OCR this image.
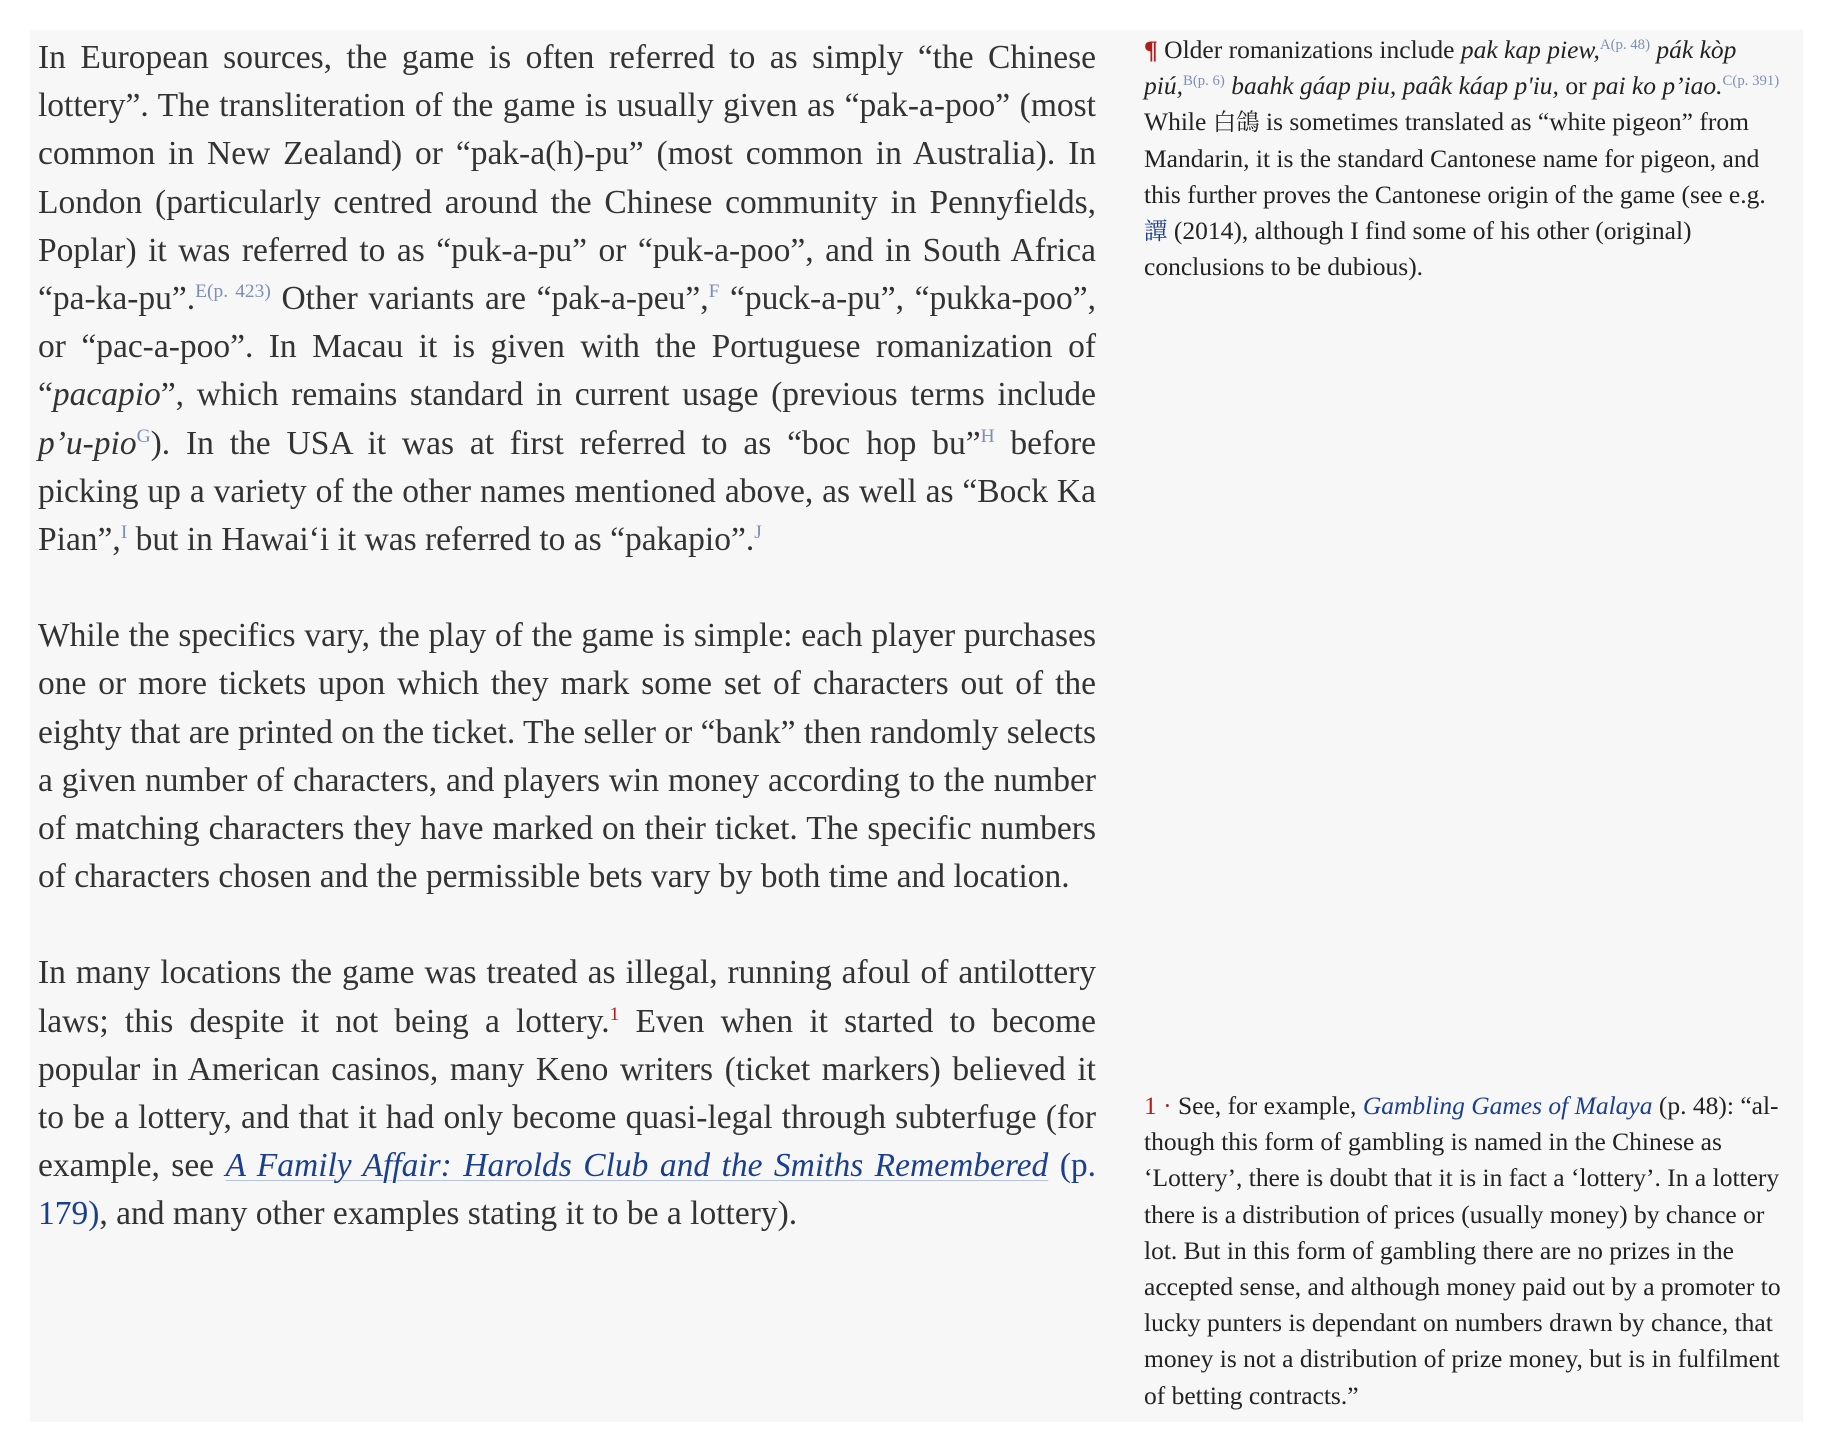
In European sources, the game is often referred to as simply “the Chinese lottery”. The transliteration of the game is usually given as “pak-a-poo” (most common in New Zealand) or “pak-a(h)-pu” (most common in Australia). In London (particularly centred around the Chinese community in Pennyfields, Poplar) it was referred to as “puk-a-pu” or “puk-a-poo”, and in South Africa “pa-ka-pu”.$^{E(p. 423)}$ Other variants are “pak-a-peu”,$^F$ “puck-a-pu”, “pukka-poo”, or “pac-a-poo”. In Macau it is given with the Portuguese romanization of “pacapio”, which remains standard in current usage (previous terms include p’u-pio$^G$). In the USA it was at first referred to as “boc hop bu”$^H$ before picking up a variety of the other names mentioned above, as well as “Bock Ka Pian”,$^I$ but in Hawaiʻi it was referred to as “pakapio”.$^J$

While the specifics vary, the play of the game is simple: each player purchases one or more tickets upon which they mark some set of characters out of the eighty that are printed on the ticket. The seller or “bank” then randomly selects a given number of characters, and players win money according to the number of matching characters they have marked on their ticket. The specific numbers of characters chosen and the permissible bets vary by both time and location.

In many locations the game was treated as illegal, running afoul of antilottery laws; this despite it not being a lottery.$^1$ Even when it started to become popular in American casinos, many Keno writers (ticket markers) believed it to be a lottery, and that it had only become quasi-legal through subterfuge (for example, see A Family Affair: Harolds Club and the Smiths Remembered (p. 179), and many other examples stating it to be a lottery).

¶ Older romanizations include pak kap piew,$^{A(p. 48)}$ pák kòp piú,$^{B(p. 6)}$ baahk gáap piu, paâk káap p'iu, or pai ko p’iao.$^{C(p. 391)}$ While 白鴿 is sometimes translated as “white pigeon” from Mandarin, it is the standard Cantonese name for pigeon, and this further proves the Cantonese origin of the game (see e.g. 譚 (2014), although I find some of his other (original) conclusions to be dubious).

1 · See, for example, Gambling Games of Malaya (p. 48): “although this form of gambling is named in the Chinese as ‘Lottery’, there is doubt that it is in fact a ‘lottery’. In a lottery there is a distribution of prices (usually money) by chance or lot. But in this form of gambling there are no prizes in the accepted sense, and although money paid out by a promoter to lucky punters is dependant on numbers drawn by chance, that money is not a distribution of prize money, but is in fulfilment of betting contracts.”
